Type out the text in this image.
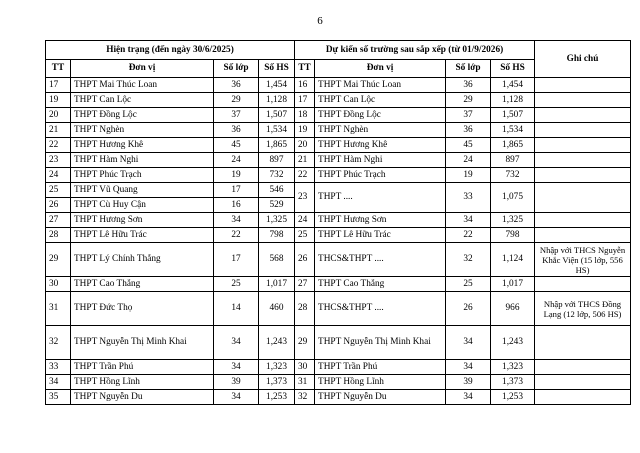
6
Hiện trạng (đến ngày 30/6/2025)				Dự kiến số trường sau sắp xếp (từ 01/9/2026)				Ghi chú
TT	Đơn vị	Số lớp	Số HS	TT	Đơn vị	Số lớp	Số HS	
17	THPT Mai Thúc Loan	36	1,454	16	THPT Mai Thúc Loan	36	1,454	
19	THPT Can Lộc	29	1,128	17	THPT Can Lộc	29	1,128	
20	THPT Đồng Lộc	37	1,507	18	THPT Đồng Lộc	37	1,507	
21	THPT Nghèn	36	1,534	19	THPT Nghèn	36	1,534	
22	THPT Hương Khê	45	1,865	20	THPT Hương Khê	45	1,865	
23	THPT Hàm Nghi	24	897	21	THPT Hàm Nghi	24	897	
24	THPT Phúc Trạch	19	732	22	THPT Phúc Trạch	19	732	
25	THPT Vũ Quang	17	546	23	THPT ....	33	1,075	
26	THPT Cù Huy Cận	16	529					
27	THPT Hương Sơn	34	1,325	24	THPT Hương Sơn	34	1,325	
28	THPT Lê Hữu Trác	22	798	25	THPT Lê Hữu Trác	22	798	
29	THPT Lý Chính Thắng	17	568	26	THCS&THPT ....	32	1,124	Nhập với THCS Nguyễn Khắc Viện (15 lớp, 556 HS)
30	THPT Cao Thắng	25	1,017	27	THPT Cao Thắng	25	1,017	
31	THPT Đức Thọ	14	460	28	THCS&THPT ....	26	966	Nhập với THCS Đồng Lạng (12 lớp, 506 HS)
32	THPT Nguyễn Thị Minh Khai	34	1,243	29	THPT Nguyễn Thị Minh Khai	34	1,243	
33	THPT Trần Phú	34	1,323	30	THPT Trần Phú	34	1,323	
34	THPT Hồng Lĩnh	39	1,373	31	THPT Hồng Lĩnh	39	1,373	
35	THPT Nguyễn Du	34	1,253	32	THPT Nguyễn Du	34	1,253	
